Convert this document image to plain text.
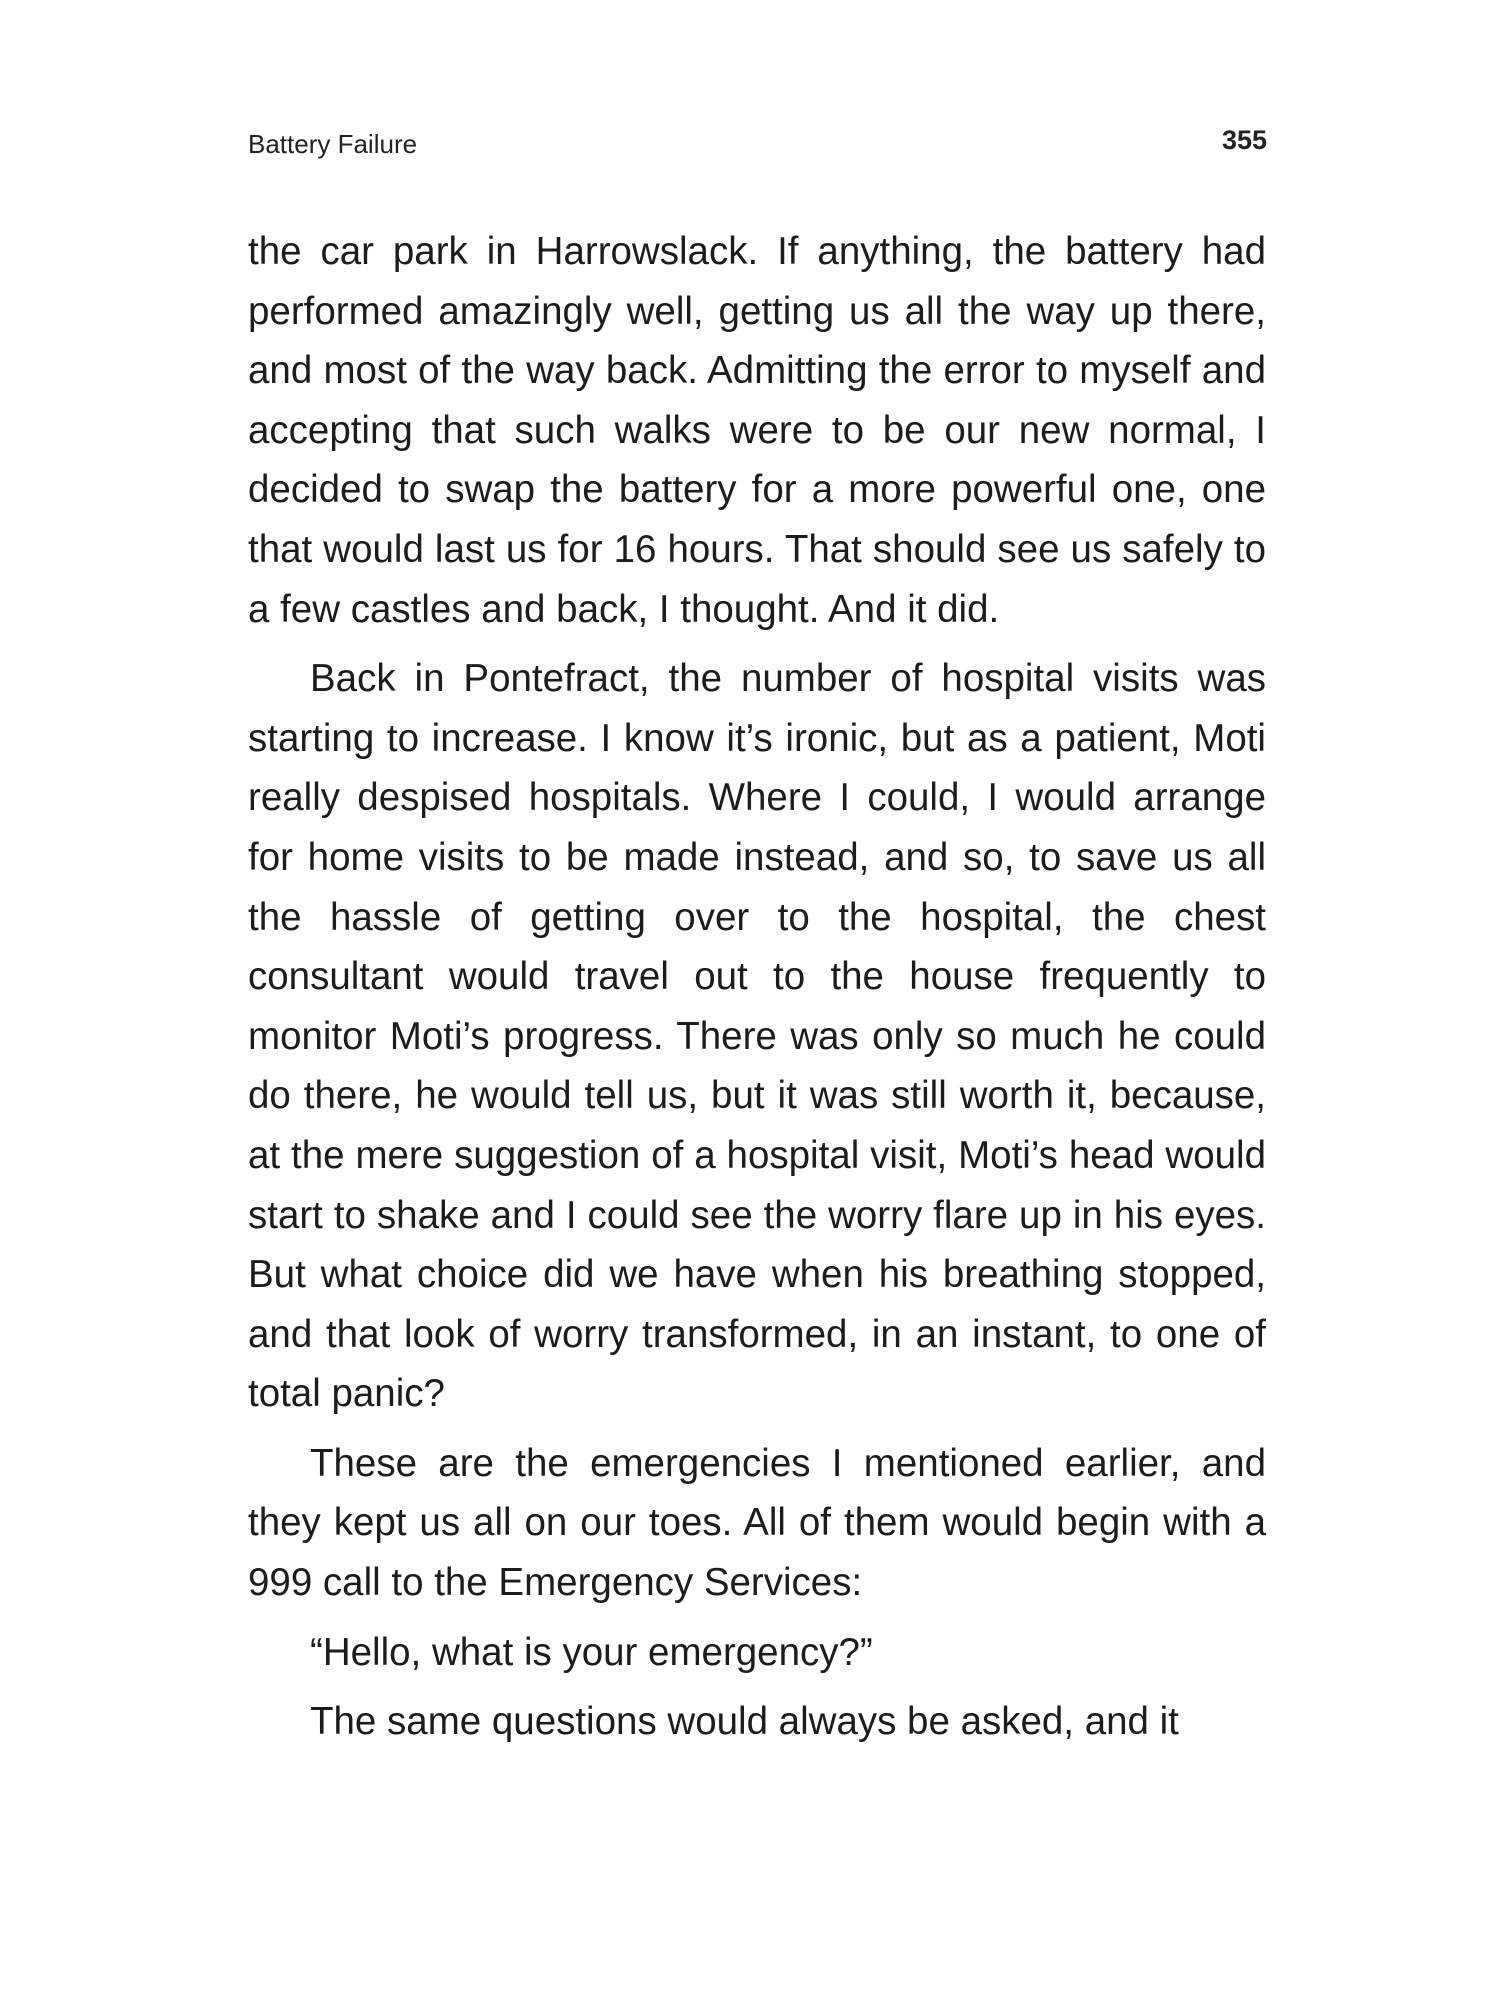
Battery Failure	355

the car park in Harrowslack. If anything, the battery had performed amazingly well, getting us all the way up there, and most of the way back. Admitting the error to myself and accepting that such walks were to be our new normal, I decided to swap the battery for a more powerful one, one that would last us for 16 hours. That should see us safely to a few castles and back, I thought. And it did.

Back in Pontefract, the number of hospital visits was starting to increase. I know it’s ironic, but as a patient, Moti really despised hospitals. Where I could, I would arrange for home visits to be made instead, and so, to save us all the hassle of getting over to the hospital, the chest consultant would travel out to the house frequently to monitor Moti’s progress. There was only so much he could do there, he would tell us, but it was still worth it, because, at the mere suggestion of a hospital visit, Moti’s head would start to shake and I could see the worry flare up in his eyes. But what choice did we have when his breathing stopped, and that look of worry transformed, in an instant, to one of total panic?

These are the emergencies I mentioned earlier, and they kept us all on our toes. All of them would begin with a 999 call to the Emergency Services:

“Hello, what is your emergency?”

The same questions would always be asked, and it
